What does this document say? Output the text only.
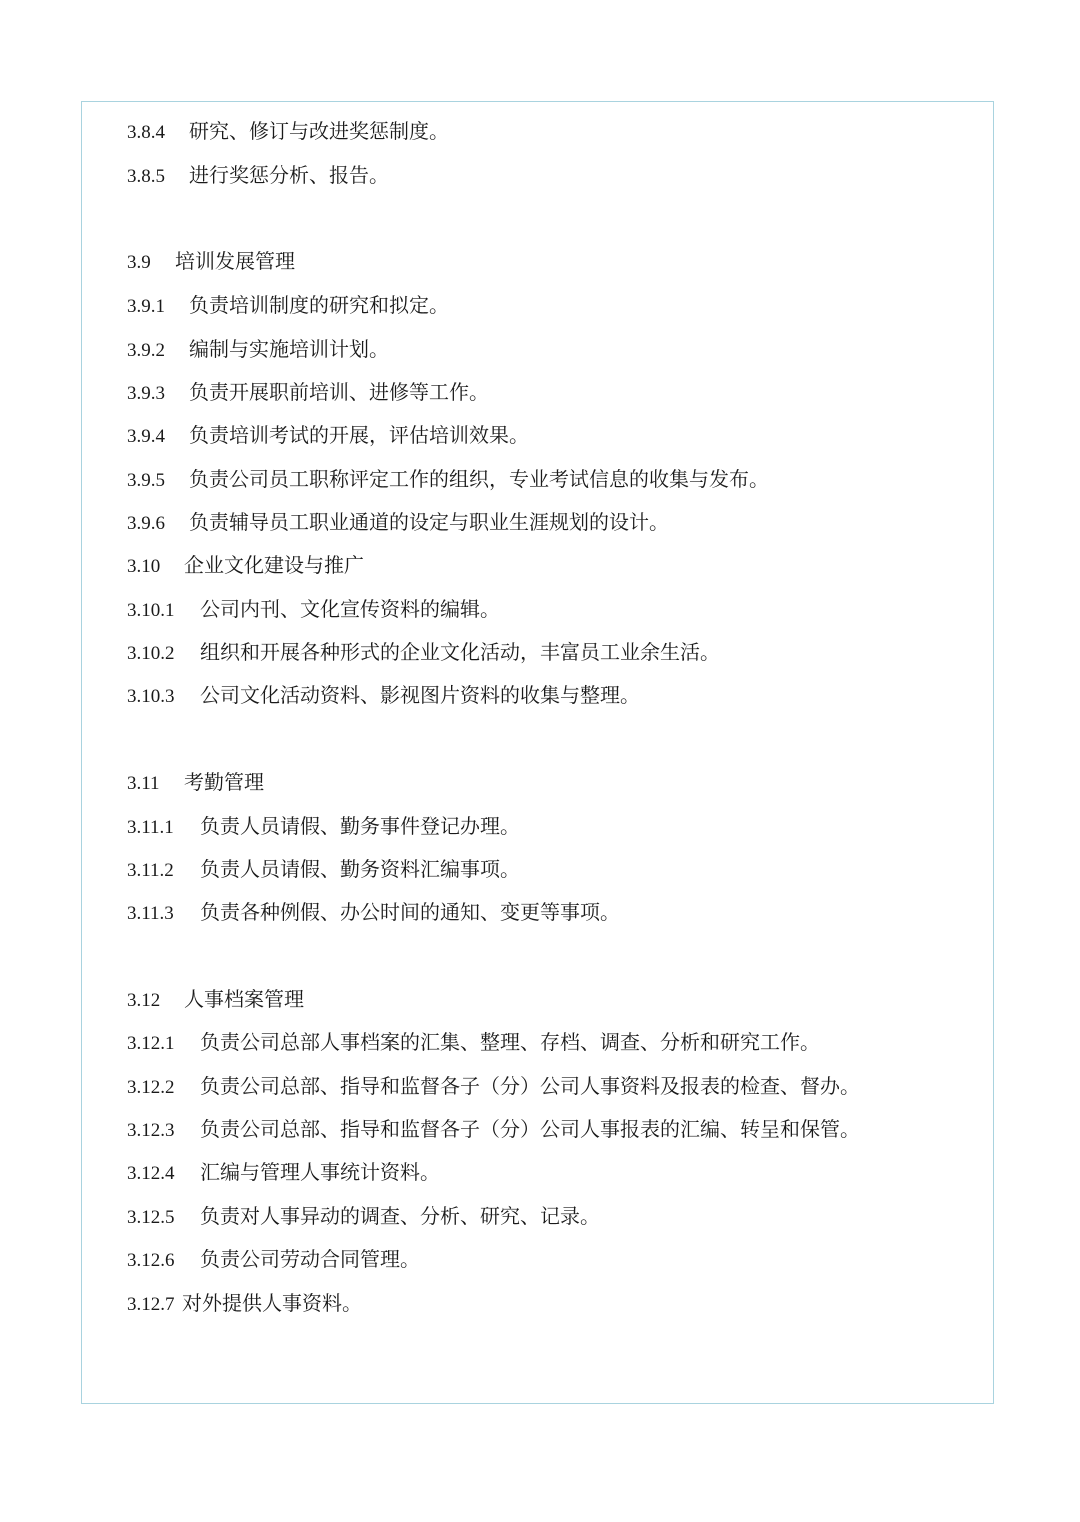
3.8.4 研究、修订与改进奖惩制度。
3.8.5 进行奖惩分析、报告。
3.9 培训发展管理
3.9.1 负责培训制度的研究和拟定。
3.9.2 编制与实施培训计划。
3.9.3 负责开展职前培训、进修等工作。
3.9.4 负责培训考试的开展，评估培训效果。
3.9.5 负责公司员工职称评定工作的组织，专业考试信息的收集与发布。
3.9.6 负责辅导员工职业通道的设定与职业生涯规划的设计。
3.10 企业文化建设与推广
3.10.1 公司内刊、文化宣传资料的编辑。
3.10.2 组织和开展各种形式的企业文化活动，丰富员工业余生活。
3.10.3 公司文化活动资料、影视图片资料的收集与整理。
3.11 考勤管理
3.11.1 负责人员请假、勤务事件登记办理。
3.11.2 负责人员请假、勤务资料汇编事项。
3.11.3 负责各种例假、办公时间的通知、变更等事项。
3.12 人事档案管理
3.12.1 负责公司总部人事档案的汇集、整理、存档、调查、分析和研究工作。
3.12.2 负责公司总部、指导和监督各子（分）公司人事资料及报表的检查、督办。
3.12.3 负责公司总部、指导和监督各子（分）公司人事报表的汇编、转呈和保管。
3.12.4 汇编与管理人事统计资料。
3.12.5 负责对人事异动的调查、分析、研究、记录。
3.12.6 负责公司劳动合同管理。
3.12.7 对外提供人事资料。
